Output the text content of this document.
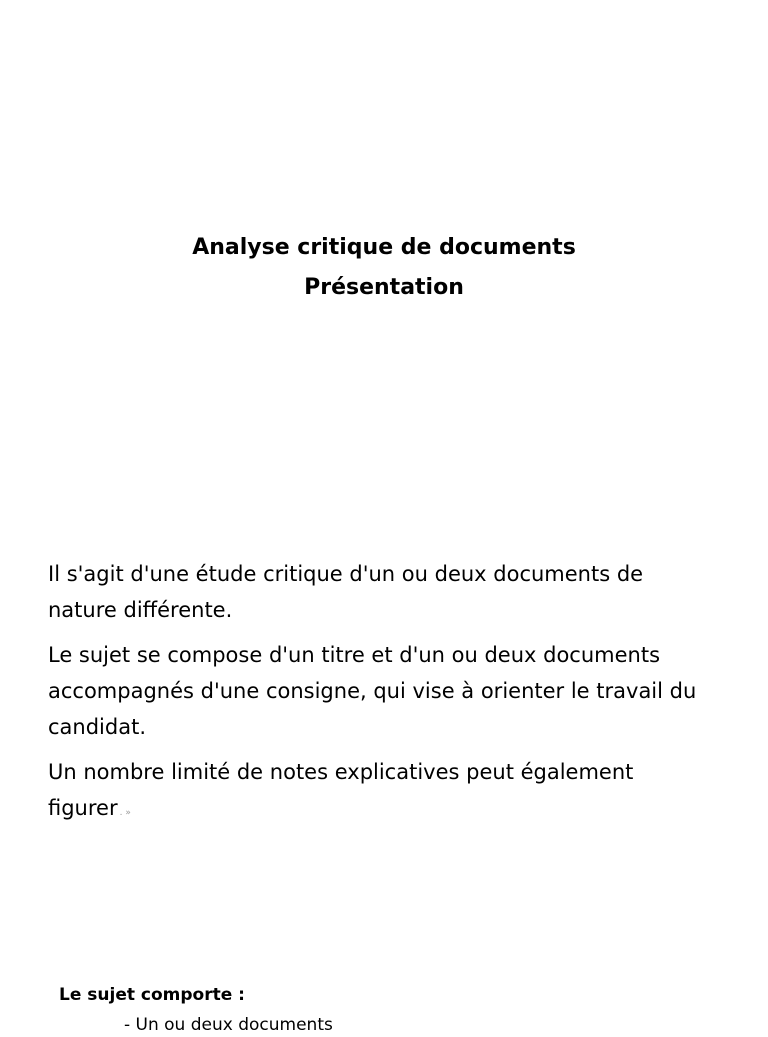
Analyse critique de documents
Présentation

Il s'agit d'une étude critique d'un ou deux documents de nature différente.

Le sujet se compose d'un titre et d'un ou deux documents accompagnés d'une consigne, qui vise à orienter le travail du candidat.

Un nombre limité de notes explicatives peut également figurer . »

Le sujet comporte :
- Un ou deux documents
